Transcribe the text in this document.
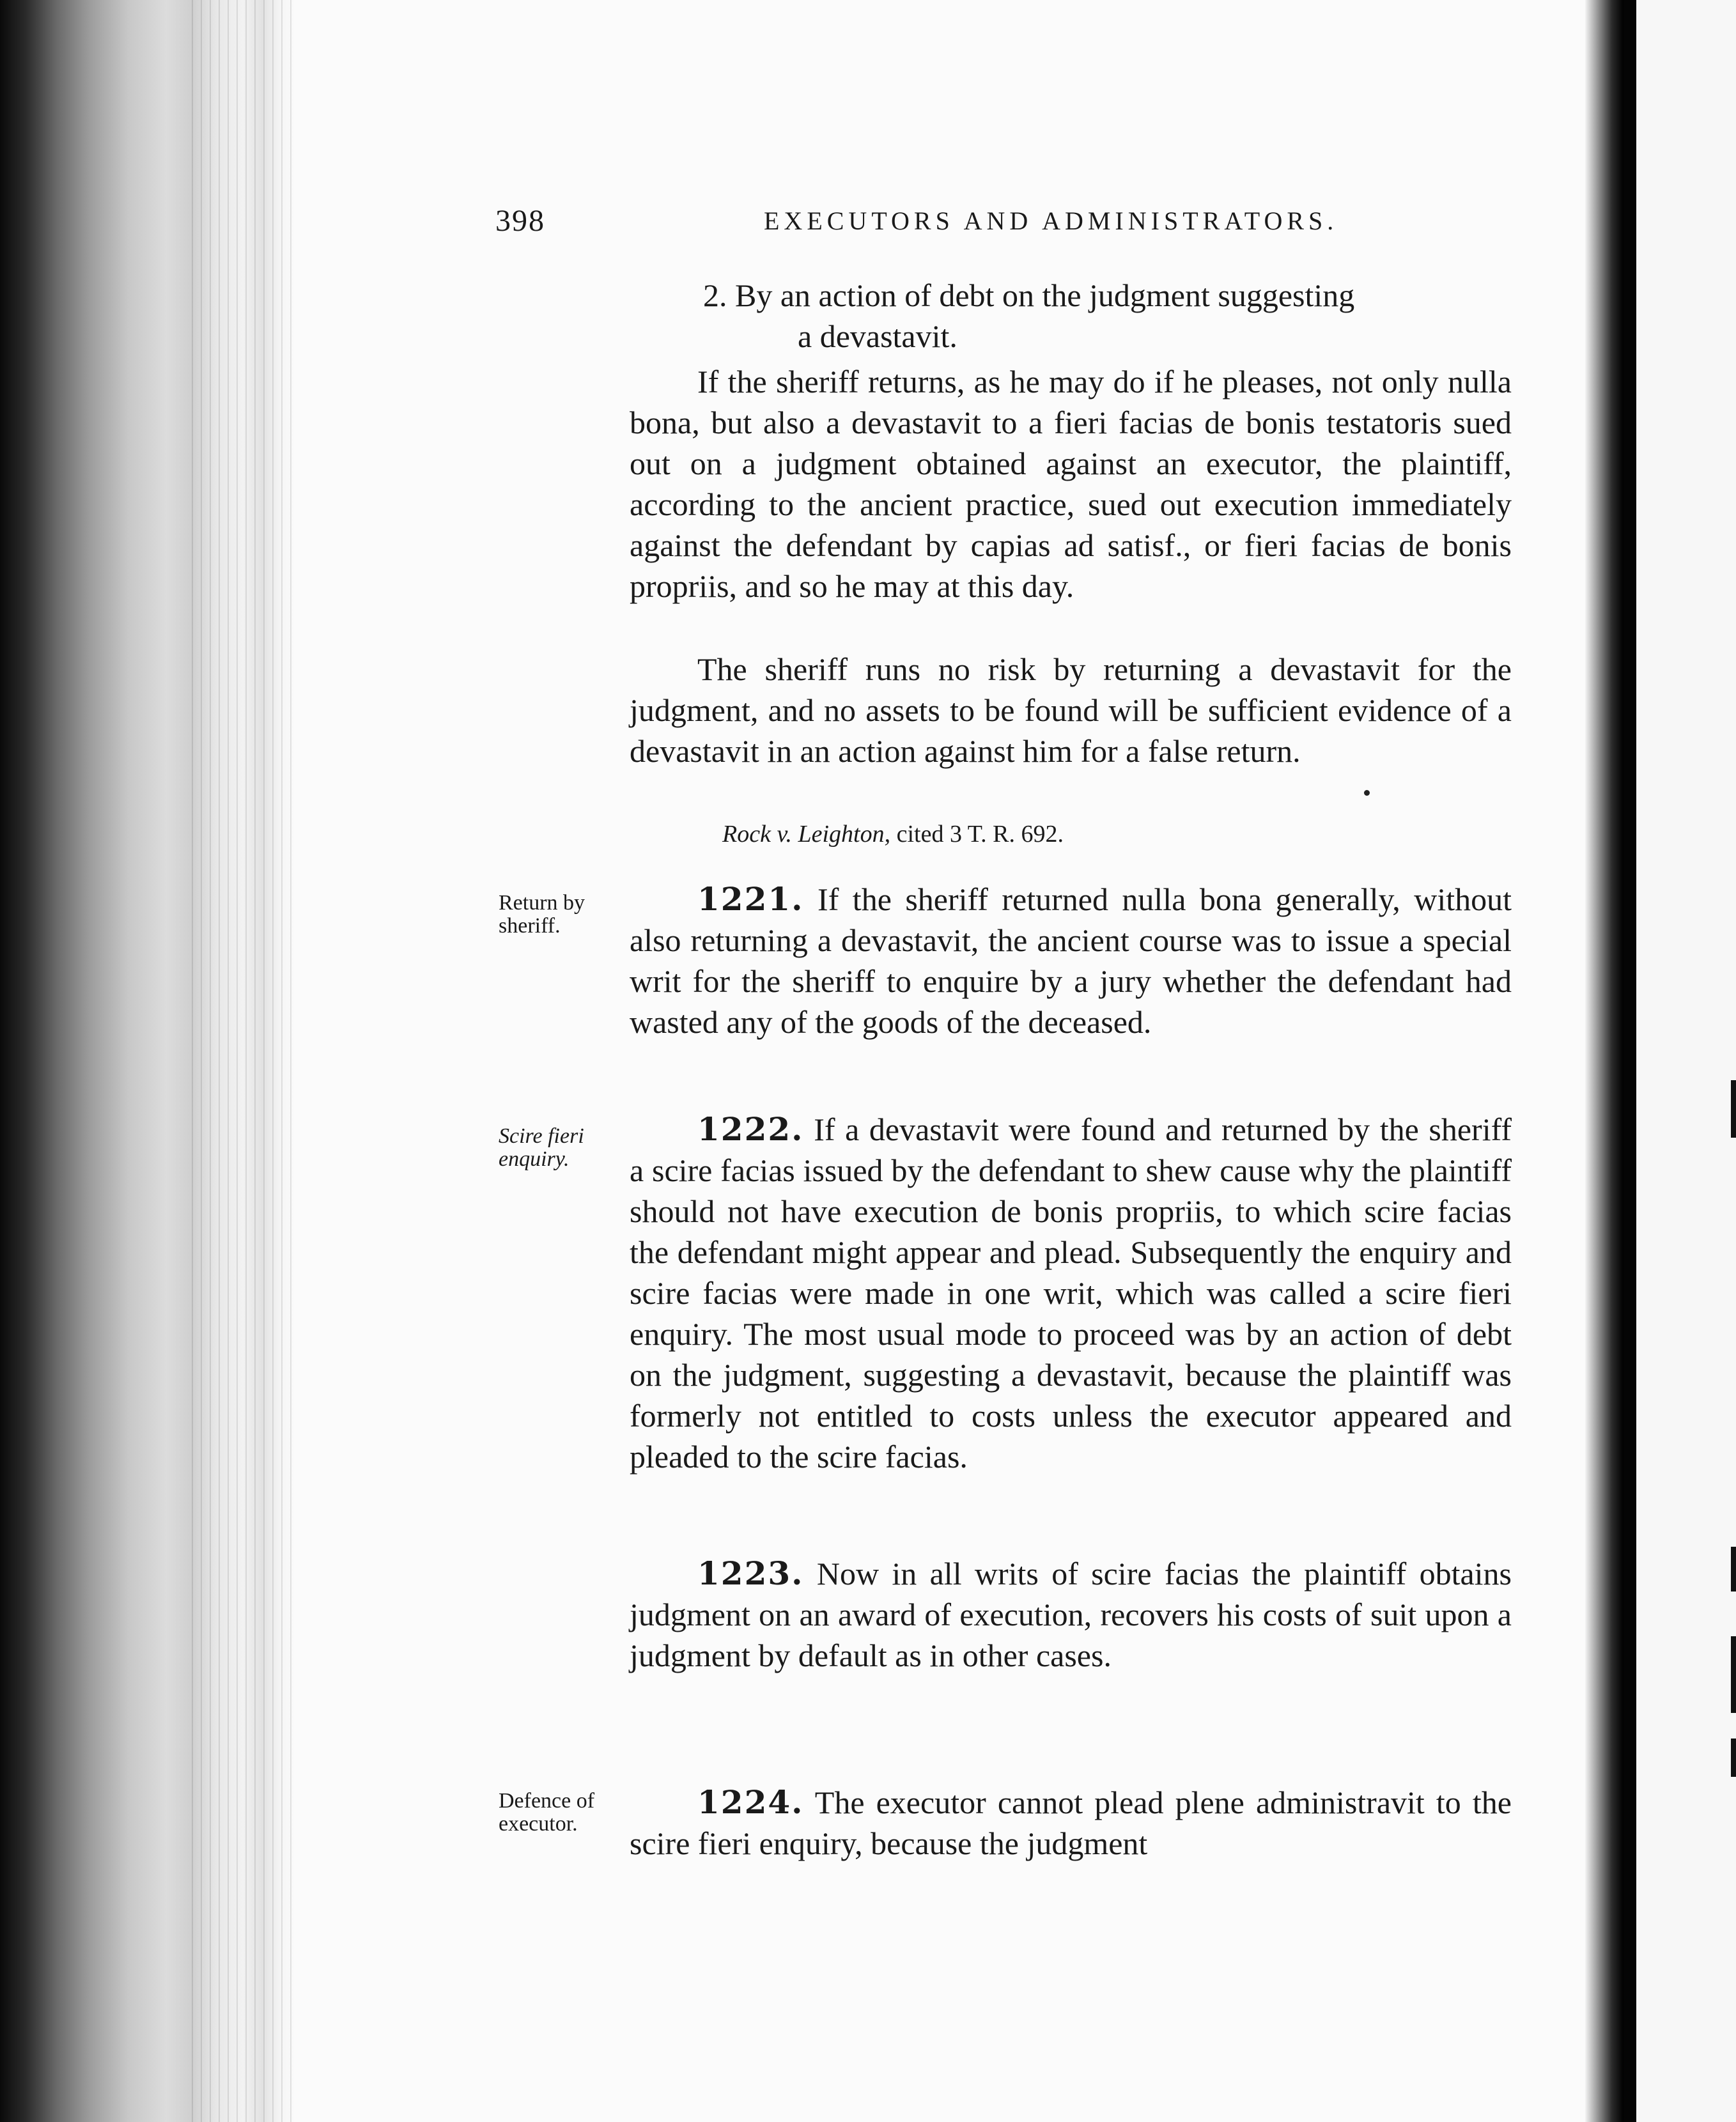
398	EXECUTORS AND ADMINISTRATORS.
2. By an action of debt on the judgment suggesting
a devastavit.

If the sheriff returns, as he may do if he pleases, not only nulla bona, but also a devastavit to a fieri facias de bonis testatoris sued out on a judgment obtained against an executor, the plaintiff, according to the ancient practice, sued out execution immediately against the defendant by capias ad satisf., or fieri facias de bonis propriis, and so he may at this day.

The sheriff runs no risk by returning a devastavit for the judgment, and no assets to be found will be sufficient evidence of a devastavit in an action against him for a false return.

Rock v. Leighton, cited 3 T. R. 692.
Return by sheriff.

1221. If the sheriff returned nulla bona generally, without also returning a devastavit, the ancient course was to issue a special writ for the sheriff to enquire by a jury whether the defendant had wasted any of the goods of the deceased.

Scire fieri enquiry.

1222. If a devastavit were found and returned by the sheriff a scire facias issued by the defendant to shew cause why the plaintiff should not have execution de bonis propriis, to which scire facias the defendant might appear and plead. Subsequently the enquiry and scire facias were made in one writ, which was called a scire fieri enquiry. The most usual mode to proceed was by an action of debt on the judgment, suggesting a devastavit, because the plaintiff was formerly not entitled to costs unless the executor appeared and pleaded to the scire facias.

1223. Now in all writs of scire facias the plaintiff obtains judgment on an award of execution, recovers his costs of suit upon a judgment by default as in other cases.

Defence of executor.

1224. The executor cannot plead plene administravit to the scire fieri enquiry, because the judgment
